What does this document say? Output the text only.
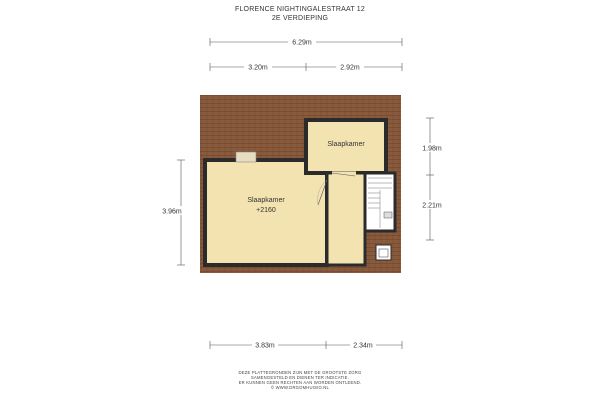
FLORENCE NIGHTINGALESTRAAT 12
2E VERDIEPING
6.29m
3.20m	2.92m
Slaapkamer
+2160
Slaapkamer
3.96m
1.98m
2.21m
3.83m	2.34m
DEZE PLATTEGRONDEN ZIJN MET DE GROOTSTE ZORG
SAMENGESTELD EN DIENEN TER INDICATIE.
ER KUNNEN GEEN RECHTEN AAN WORDEN ONTLEEND.
© WWW.DRGOMHUISIO.NL
